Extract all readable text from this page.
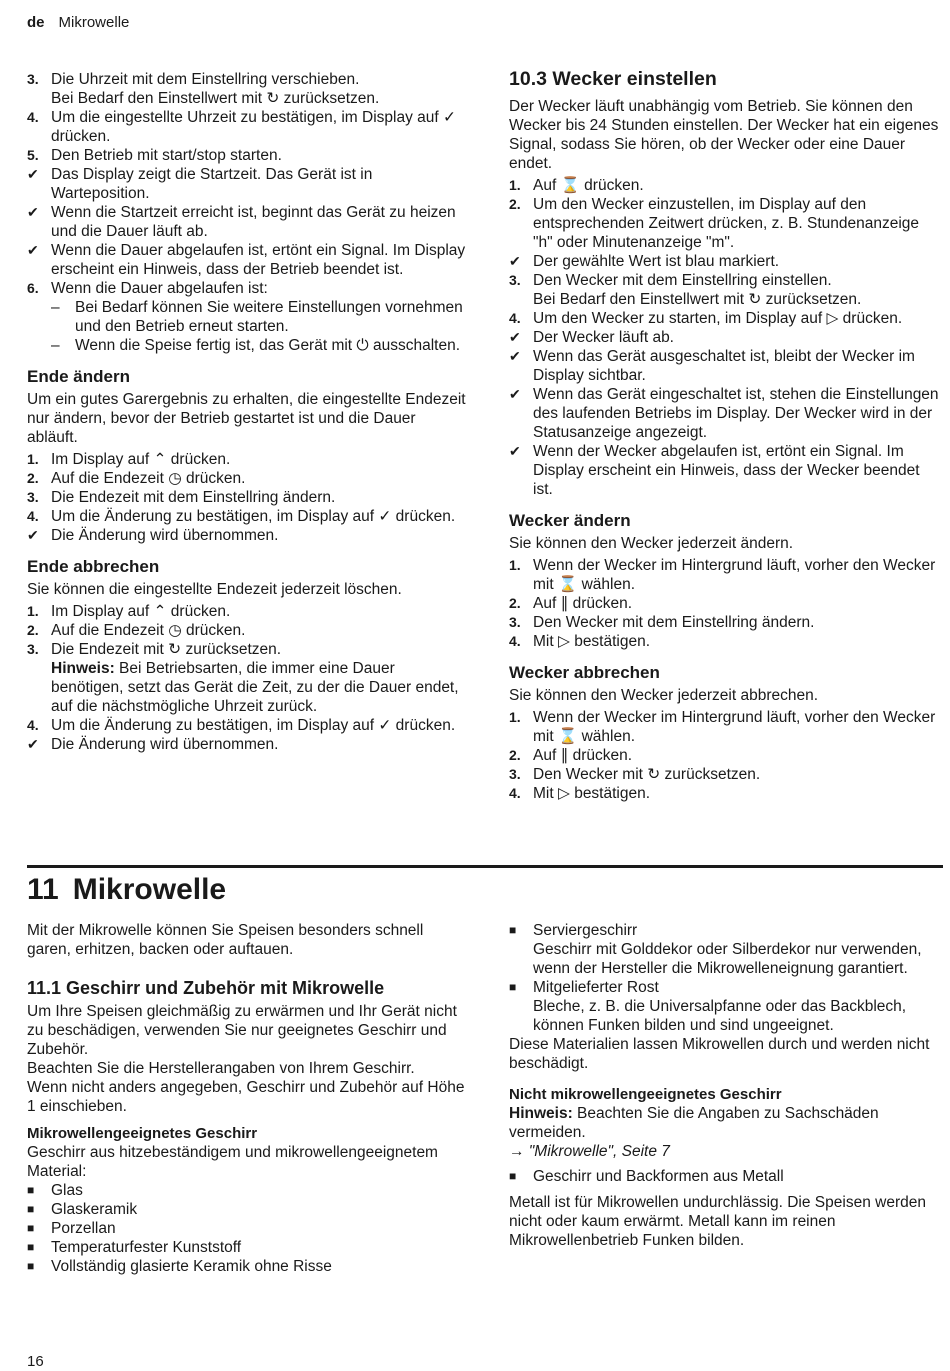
de Mikrowelle
3. Die Uhrzeit mit dem Einstellring verschieben.
Bei Bedarf den Einstellwert mit ↻ zurücksetzen.
4. Um die eingestellte Uhrzeit zu bestätigen, im Display auf ✓ drücken.
5. Den Betrieb mit start/stop starten.
✔ Das Display zeigt die Startzeit. Das Gerät ist in Warteposition.
✔ Wenn die Startzeit erreicht ist, beginnt das Gerät zu heizen und die Dauer läuft ab.
✔ Wenn die Dauer abgelaufen ist, ertönt ein Signal. Im Display erscheint ein Hinweis, dass der Betrieb beendet ist.
6. Wenn die Dauer abgelaufen ist:
– Bei Bedarf können Sie weitere Einstellungen vornehmen und den Betrieb erneut starten.
– Wenn die Speise fertig ist, das Gerät mit ⏻ ausschalten.
Ende ändern
Um ein gutes Garergebnis zu erhalten, die eingestellte Endezeit nur ändern, bevor der Betrieb gestartet ist und die Dauer abläuft.
1. Im Display auf ⌃ drücken.
2. Auf die Endezeit ◷ drücken.
3. Die Endezeit mit dem Einstellring ändern.
4. Um die Änderung zu bestätigen, im Display auf ✓ drücken.
✔ Die Änderung wird übernommen.
Ende abbrechen
Sie können die eingestellte Endezeit jederzeit löschen.
1. Im Display auf ⌃ drücken.
2. Auf die Endezeit ◷ drücken.
3. Die Endezeit mit ↻ zurücksetzen.
Hinweis: Bei Betriebsarten, die immer eine Dauer benötigen, setzt das Gerät die Zeit, zu der die Dauer endet, auf die nächstmögliche Uhrzeit zurück.
4. Um die Änderung zu bestätigen, im Display auf ✓ drücken.
✔ Die Änderung wird übernommen.
10.3 Wecker einstellen
Der Wecker läuft unabhängig vom Betrieb. Sie können den Wecker bis 24 Stunden einstellen. Der Wecker hat ein eigenes Signal, sodass Sie hören, ob der Wecker oder eine Dauer endet.
1. Auf ⌛ drücken.
2. Um den Wecker einzustellen, im Display auf den entsprechenden Zeitwert drücken, z. B. Stundenanzeige "h" oder Minutenanzeige "m".
✔ Der gewählte Wert ist blau markiert.
3. Den Wecker mit dem Einstellring einstellen.
Bei Bedarf den Einstellwert mit ↻ zurücksetzen.
4. Um den Wecker zu starten, im Display auf ▷ drücken.
✔ Der Wecker läuft ab.
✔ Wenn das Gerät ausgeschaltet ist, bleibt der Wecker im Display sichtbar.
✔ Wenn das Gerät eingeschaltet ist, stehen die Einstellungen des laufenden Betriebs im Display. Der Wecker wird in der Statusanzeige angezeigt.
✔ Wenn der Wecker abgelaufen ist, ertönt ein Signal. Im Display erscheint ein Hinweis, dass der Wecker beendet ist.
Wecker ändern
Sie können den Wecker jederzeit ändern.
1. Wenn der Wecker im Hintergrund läuft, vorher den Wecker mit ⌛ wählen.
2. Auf ∥ drücken.
3. Den Wecker mit dem Einstellring ändern.
4. Mit ▷ bestätigen.
Wecker abbrechen
Sie können den Wecker jederzeit abbrechen.
1. Wenn der Wecker im Hintergrund läuft, vorher den Wecker mit ⌛ wählen.
2. Auf ∥ drücken.
3. Den Wecker mit ↻ zurücksetzen.
4. Mit ▷ bestätigen.
11 Mikrowelle
Mit der Mikrowelle können Sie Speisen besonders schnell garen, erhitzen, backen oder auftauen.
11.1 Geschirr und Zubehör mit Mikrowelle
Um Ihre Speisen gleichmäßig zu erwärmen und Ihr Gerät nicht zu beschädigen, verwenden Sie nur geeignetes Geschirr und Zubehör.
Beachten Sie die Herstellerangaben von Ihrem Geschirr.
Wenn nicht anders angegeben, Geschirr und Zubehör auf Höhe 1 einschieben.
Mikrowellengeeignetes Geschirr
Geschirr aus hitzebeständigem und mikrowellengeeignetem Material:
■	Glas
■	Glaskeramik
■	Porzellan
■	Temperaturfester Kunststoff
■	Vollständig glasierte Keramik ohne Risse
■	Serviergeschirr
Geschirr mit Golddekor oder Silberdekor nur verwenden, wenn der Hersteller die Mikrowelleneignung garantiert.
■	Mitgelieferter Rost
Bleche, z. B. die Universalpfanne oder das Backblech, können Funken bilden und sind ungeeignet.
Diese Materialien lassen Mikrowellen durch und werden nicht beschädigt.
Nicht mikrowellengeeignetes Geschirr
Hinweis: Beachten Sie die Angaben zu Sachschäden vermeiden.
→ "Mikrowelle", Seite 7
■	Geschirr und Backformen aus Metall
Metall ist für Mikrowellen undurchlässig. Die Speisen werden nicht oder kaum erwärmt. Metall kann im reinen Mikrowellenbetrieb Funken bilden.
16
